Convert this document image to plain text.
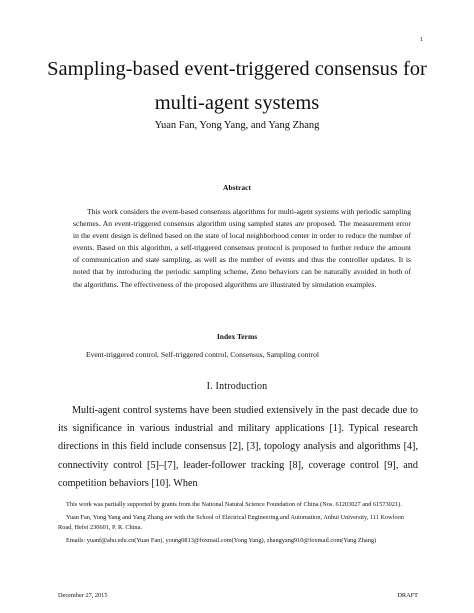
1
Sampling-based event-triggered consensus for
multi-agent systems
Yuan Fan, Yong Yang, and Yang Zhang
Abstract

This work considers the event-based consensus algorithms for multi-agent systems with periodic sampling schemes. An event-triggered consensus algorithm using sampled states are proposed. The measurement error in the event design is defined based on the state of local neighborhood center in order to reduce the number of events. Based on this algorithm, a self-triggered consensus protocol is proposed to further reduce the amount of communication and state sampling, as well as the number of events and thus the controller updates. It is noted that by introducing the periodic sampling scheme, Zeno behaviors can be naturally avoided in both of the algorithms. The effectiveness of the proposed algorithms are illustrated by simulation examples.

Index Terms
Event-triggered control, Self-triggered control, Consensus, Sampling control
I. Introduction

Multi-agent control systems have been studied extensively in the past decade due to its significance in various industrial and military applications [1]. Typical research directions in this field include consensus [2], [3], topology analysis and algorithms [4], connectivity control [5]–[7], leader-follower tracking [8], coverage control [9], and competition behaviors [10]. When

This work was partially supported by grants from the National Natural Science Foundation of China (Nos. 61203027 and 61573021).

Yuan Fan, Yong Yang and Yang Zhang are with the School of Electrical Engineering and Automation, Anhui University, 111 Kowloon Road, Hefei 230601, P. R. China.

Emails: yuanf@ahu.edu.cn(Yuan Fan), young0813@foxmail.com(Yong Yang), zhangyang910@foxmail.com(Yang Zhang)

December 27, 2015	DRAFT
